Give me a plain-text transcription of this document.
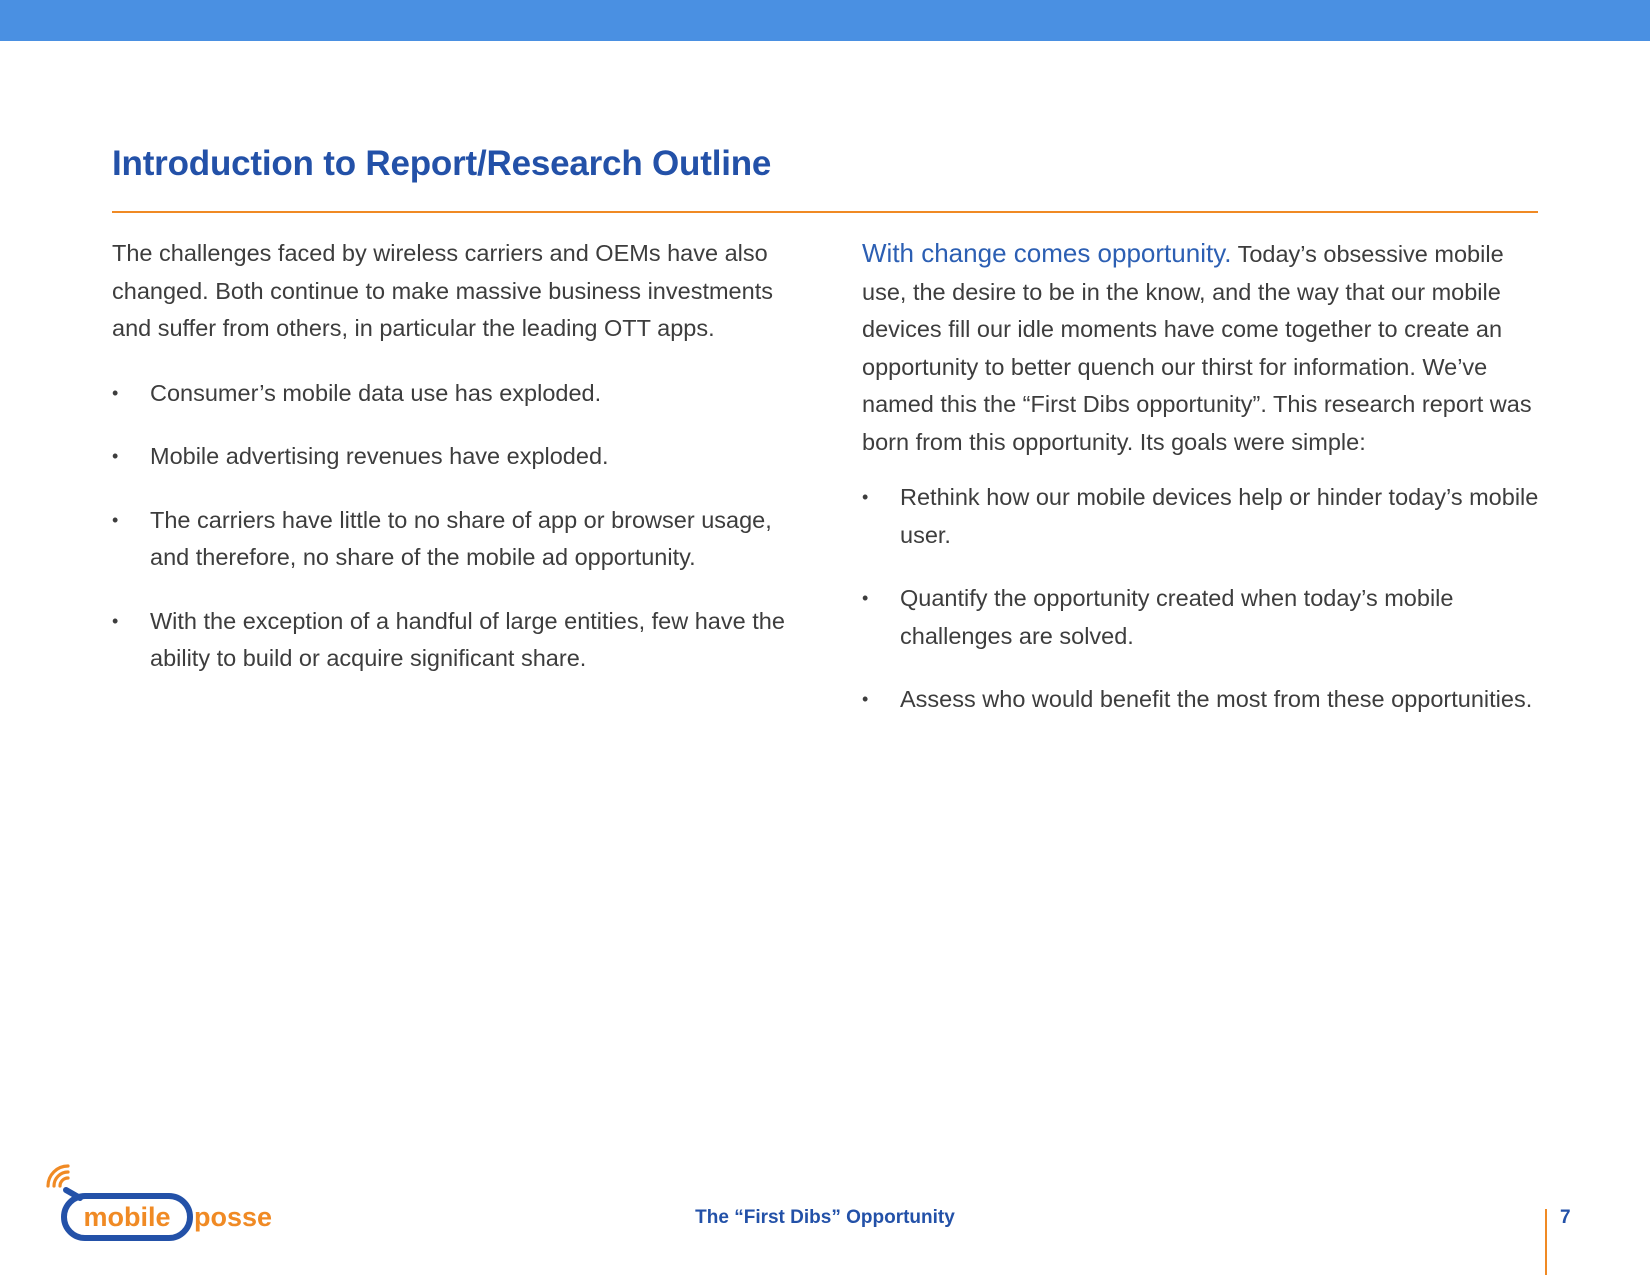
Introduction to Report/Research Outline

The challenges faced by wireless carriers and OEMs have also changed. Both continue to make massive business investments and suffer from others, in particular the leading OTT apps.

• Consumer’s mobile data use has exploded.
• Mobile advertising revenues have exploded.
• The carriers have little to no share of app or browser usage, and therefore, no share of the mobile ad opportunity.
• With the exception of a handful of large entities, few have the ability to build or acquire significant share.

With change comes opportunity. Today’s obsessive mobile use, the desire to be in the know, and the way that our mobile devices fill our idle moments have come together to create an opportunity to better quench our thirst for information. We’ve named this the “First Dibs opportunity”. This research report was born from this opportunity. Its goals were simple:

• Rethink how our mobile devices help or hinder today’s mobile user.
• Quantify the opportunity created when today’s mobile challenges are solved.
• Assess who would benefit the most from these opportunities.
mobile posse	The “First Dibs” Opportunity	7
